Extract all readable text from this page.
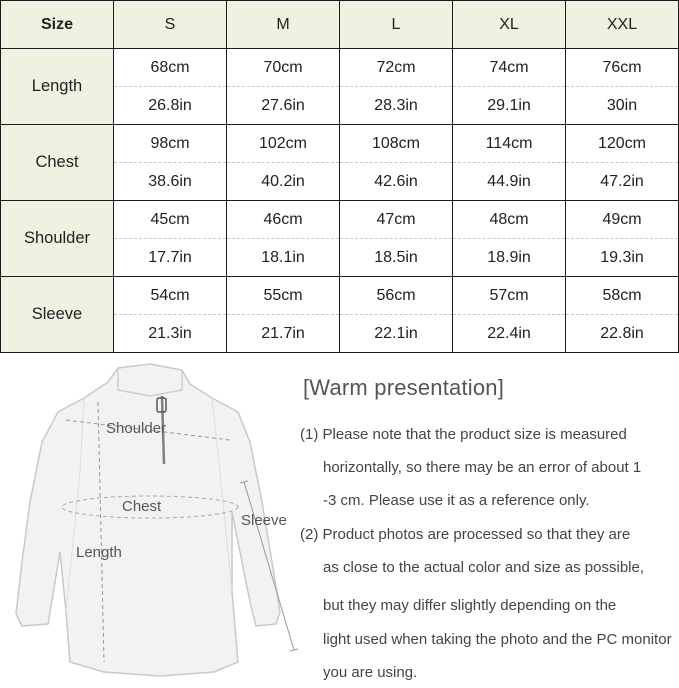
Size	S	M	L	XL	XXL
Length	68cm	70cm	72cm	74cm	76cm
	26.8in	27.6in	28.3in	29.1in	30in
Chest	98cm	102cm	108cm	114cm	120cm
	38.6in	40.2in	42.6in	44.9in	47.2in
Shoulder	45cm	46cm	47cm	48cm	49cm
	17.7in	18.1in	18.5in	18.9in	19.3in
Sleeve	54cm	55cm	56cm	57cm	58cm
	21.3in	21.7in	22.1in	22.4in	22.8in
Shoulder
Chest
Length
Sleeve
[Warm presentation]
(1) Please note that the product size is measured
horizontally, so there may be an error of about 1
-3 cm. Please use it as a reference only.
(2) Product photos are processed so that they are
as close to the actual color and size as possible,
but they may differ slightly depending on the
light used when taking the photo and the PC monitor
you are using.
